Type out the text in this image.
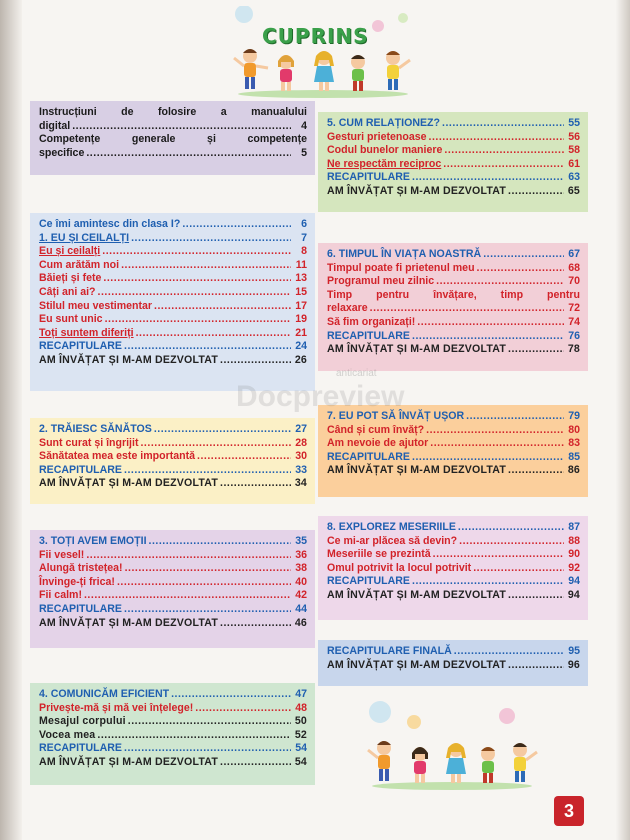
CUPRINS
Instrucțiuni de folosire a manualului
digital .....	4
Competențe generale și competențe
specifice .....	5
Ce îmi amintesc din clasa I? .....	6
1. EU ȘI CEILALȚI .....	7
Eu și ceilalți .....	8
Cum arătăm noi .....	11
Băieți și fete .....	13
Câți ani ai? .....	15
Stilul meu vestimentar .....	17
Eu sunt unic .....	19
Toți suntem diferiți .....	21
RECAPITULARE .....	24
AM ÎNVĂȚAT ȘI M-AM DEZVOLTAT .....	26
2. TRĂIESC SĂNĂTOS .....	27
Sunt curat și îngrijit .....	28
Sănătatea mea este importantă .....	30
RECAPITULARE .....	33
AM ÎNVĂȚAT ȘI M-AM DEZVOLTAT .....	34
3. TOȚI AVEM EMOȚII .....	35
Fii vesel! .....	36
Alungă tristețea! .....	38
Învinge-ți frica! .....	40
Fii calm! .....	42
RECAPITULARE .....	44
AM ÎNVĂȚAT ȘI M-AM DEZVOLTAT .....	46
4. COMUNICĂM EFICIENT .....	47
Privește-mă și mă vei înțelege! .....	48
Mesajul corpului .....	50
Vocea mea .....	52
RECAPITULARE .....	54
AM ÎNVĂȚAT ȘI M-AM DEZVOLTAT .....	54
5. CUM RELAȚIONEZ? .....	55
Gesturi prietenoase .....	56
Codul bunelor maniere .....	58
Ne respectăm reciproc .....	61
RECAPITULARE .....	63
AM ÎNVĂȚAT ȘI M-AM DEZVOLTAT .....	65
6. TIMPUL ÎN VIAȚA NOASTRĂ .....	67
Timpul poate fi prietenul meu .....	68
Programul meu zilnic .....	70
Timp pentru învățare, timp pentru
relaxare .....	72
Să fim organizați! .....	74
RECAPITULARE .....	76
AM ÎNVĂȚAT ȘI M-AM DEZVOLTAT .....	78
7. EU POT SĂ ÎNVĂȚ UȘOR .....	79
Când și cum învăț? .....	80
Am nevoie de ajutor .....	83
RECAPITULARE .....	85
AM ÎNVĂȚAT ȘI M-AM DEZVOLTAT .....	86
8. EXPLOREZ MESERIILE .....	87
Ce mi-ar plăcea să devin? .....	88
Meseriile se prezintă .....	90
Omul potrivit la locul potrivit .....	92
RECAPITULARE .....	94
AM ÎNVĂȚAT ȘI M-AM DEZVOLTAT .....	94
RECAPITULARE FINALĂ .....	95
AM ÎNVĂȚAT ȘI M-AM DEZVOLTAT .....	96
anticariat
Docpreview
3
